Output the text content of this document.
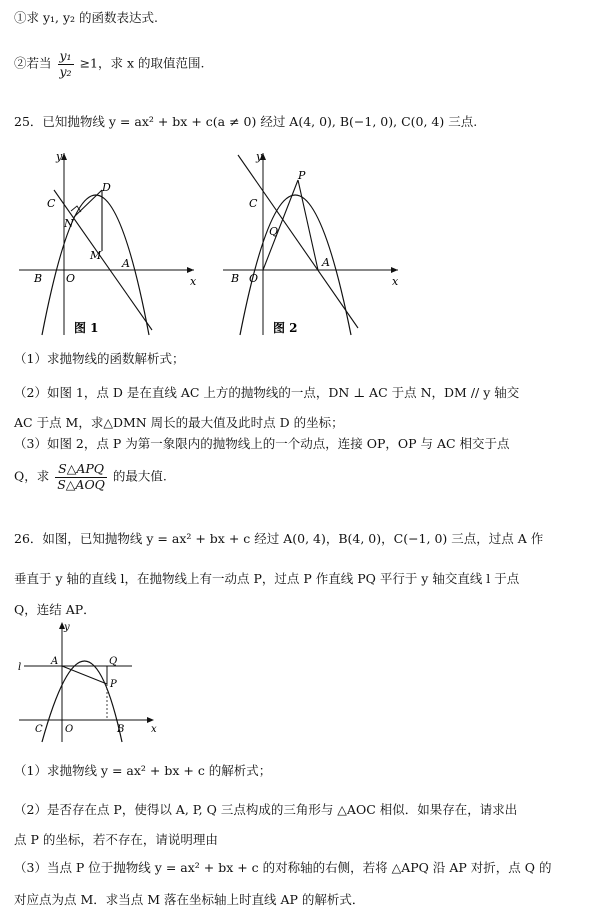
①求 y₁, y₂ 的函数表达式.
②若当 $\frac{\text{y₁}}{\text{y₂}} \ge 1$，求 x 的取值范围.
25．已知抛物线 y = ax² + bx + c(a ≠ 0) 经过 A(4, 0), B(−1, 0), C(0, 4) 三点.
y
x
O
B
A
C
D
N
M
图 1
y
x
O
B
A
C
P
Q
图 2
（1）求抛物线的函数解析式；
（2）如图 1，点 D 是在直线 AC 上方的抛物线的一点，DN ⊥ AC 于点 N，DM // y 轴交
AC 于点 M，求△DMN 周长的最大值及此时点 D 的坐标；
（3）如图 2，点 P 为第一象限内的抛物线上的一个动点，连接 OP，OP 与 AC 相交于点
Q，求 $\frac{\text{S△APQ}}{\text{S△AOQ}}$ 的最大值.
26．如图，已知抛物线 y = ax² + bx + c 经过 A(0, 4)，B(4, 0)，C(−1, 0) 三点，过点 A 作
垂直于 y 轴的直线 l，在抛物线上有一动点 P，过点 P 作直线 PQ 平行于 y 轴交直线 l 于点
Q，连结 AP．
y
x
l
A	Q
P
O
C	B
（1）求抛物线 y = ax² + bx + c 的解析式；
（2）是否存在点 P，使得以 A, P, Q 三点构成的三角形与 △AOC 相似．如果存在，请求出
点 P 的坐标，若不存在，请说明理由
（3）当点 P 位于抛物线 y = ax² + bx + c 的对称轴的右侧，若将 △APQ 沿 AP 对折，点 Q 的
对应点为点 M．求当点 M 落在坐标轴上时直线 AP 的解析式．
